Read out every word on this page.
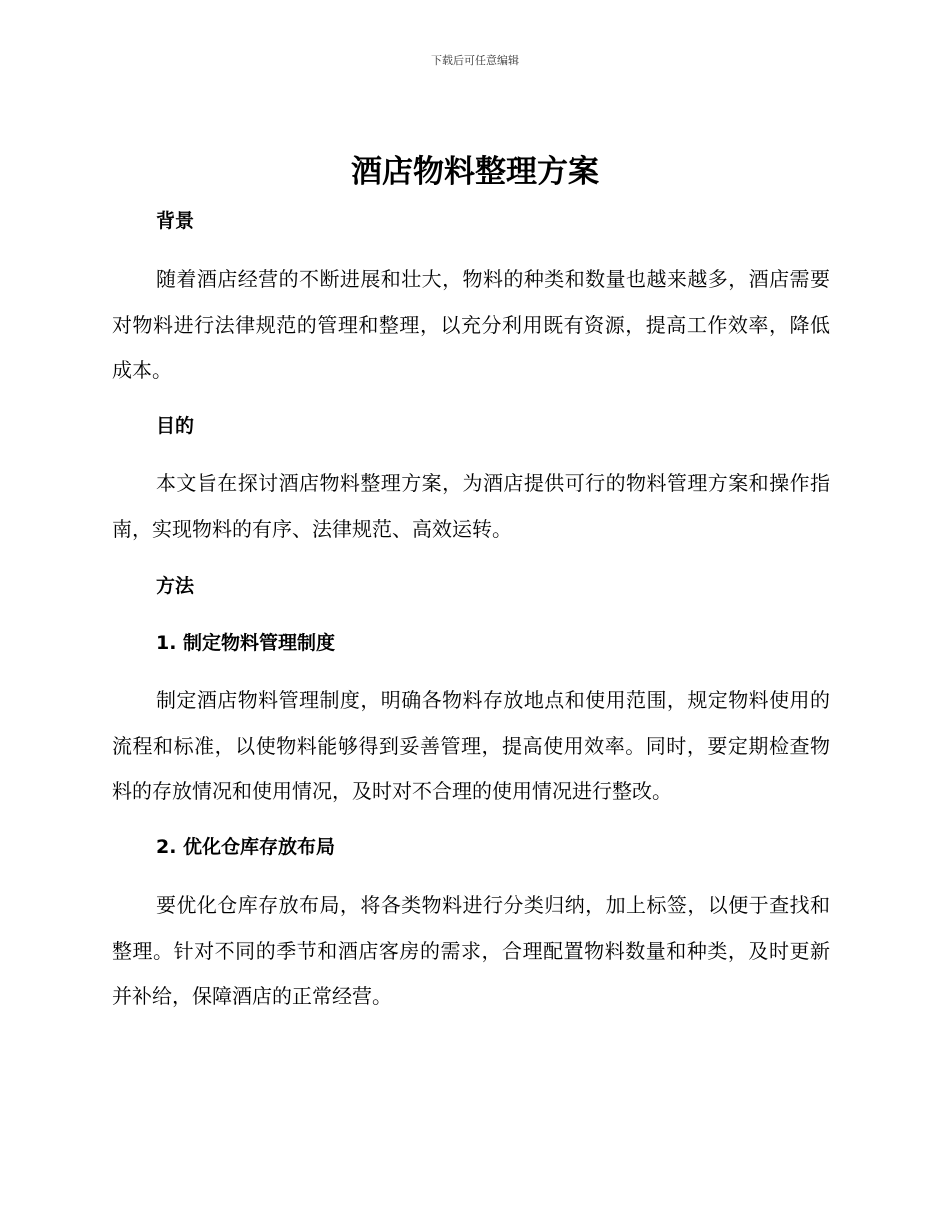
下载后可任意编辑
酒店物料整理方案
背景

随着酒店经营的不断进展和壮大，物料的种类和数量也越来越多，酒店需要对物料进行法律规范的管理和整理，以充分利用既有资源，提高工作效率，降低成本。

目的

本文旨在探讨酒店物料整理方案，为酒店提供可行的物料管理方案和操作指南，实现物料的有序、法律规范、高效运转。

方法
1. 制定物料管理制度

制定酒店物料管理制度，明确各物料存放地点和使用范围，规定物料使用的流程和标准，以使物料能够得到妥善管理，提高使用效率。同时，要定期检查物料的存放情况和使用情况，及时对不合理的使用情况进行整改。

2. 优化仓库存放布局

要优化仓库存放布局，将各类物料进行分类归纳，加上标签，以便于查找和整理。针对不同的季节和酒店客房的需求，合理配置物料数量和种类，及时更新并补给，保障酒店的正常经营。
